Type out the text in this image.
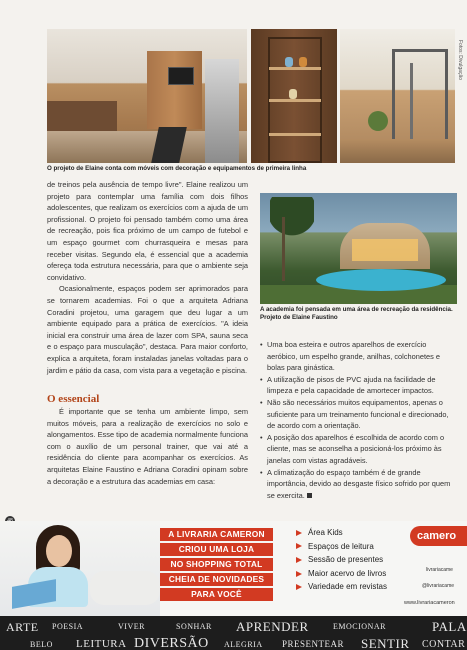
Fotos: Divulgação
O projeto de Elaine conta com móveis com decoração e equipamentos de primeira linha

de treinos pela ausência de tempo livre". Elaine realizou um projeto para contemplar uma família com dois filhos adolescentes, que realizam os exercícios com a ajuda de um profissional. O projeto foi pensado também como uma área de recreação, pois fica próximo de um campo de futebol e um espaço gourmet com churrasqueira e mesas para receber visitas. Segundo ela, é essencial que a academia ofereça toda estrutura necessária, para que o ambiente seja convidativo.

Ocasionalmente, espaços podem ser aprimorados para se tornarem academias. Foi o que a arquiteta Adriana Coradini projetou, uma garagem que deu lugar a um ambiente equipado para a prática de exercícios. "A ideia inicial era construir uma área de lazer com SPA, sauna seca e o espaço para musculação", destaca. Para maior conforto, explica a arquiteta, foram instaladas janelas voltadas para o jardim e pátio da casa, com vista para a vegetação e piscina.

O essencial

É importante que se tenha um ambiente limpo, sem muitos móveis, para a realização de exercícios no solo e alongamentos. Esse tipo de academia normalmente funciona com o auxílio de um personal trainer, que vai até a residência do cliente para acompanhar os exercícios. As arquitetas Elaine Faustino e Adriana Coradini opinam sobre a decoração e a estrutura das academias em casa:

A academia foi pensada em uma área de recreação da residência. Projeto de Elaine Faustino
• Uma boa esteira e outros aparelhos de exercício aeróbico, um espelho grande, anilhas, colchonetes e bolas para ginástica.
• A utilização de pisos de PVC ajuda na facilidade de limpeza e pela capacidade de amortecer impactos.
• Não são necessários muitos equipamentos, apenas o suficiente para um treinamento funcional e direcionado, de acordo com a orientação.
• A posição dos aparelhos é escolhida de acordo com o cliente, mas se aconselha a posicioná-los próximo às janelas com vistas agradáveis.
• A climatização do espaço também é de grande importância, devido ao desgaste físico sofrido por quem se exercita.
A LIVRARIA CAMERON
CRIOU UMA LOJA
NO SHOPPING TOTAL
CHEIA DE NOVIDADES
PARA VOCÊ
Área Kids
Espaços de leitura
Sessão de presentes
Maior acervo de livros
Variedade em revistas
camero
livrariacame
@livrariacame
www.livrariacameron
ARTE POESIA	VIVER	SONHAR APRENDER	EMOCIONAR	PALA
BELO LEITURA DIVERSÃO ALEGRIA PRESENTEAR SENTIR CONTAR
